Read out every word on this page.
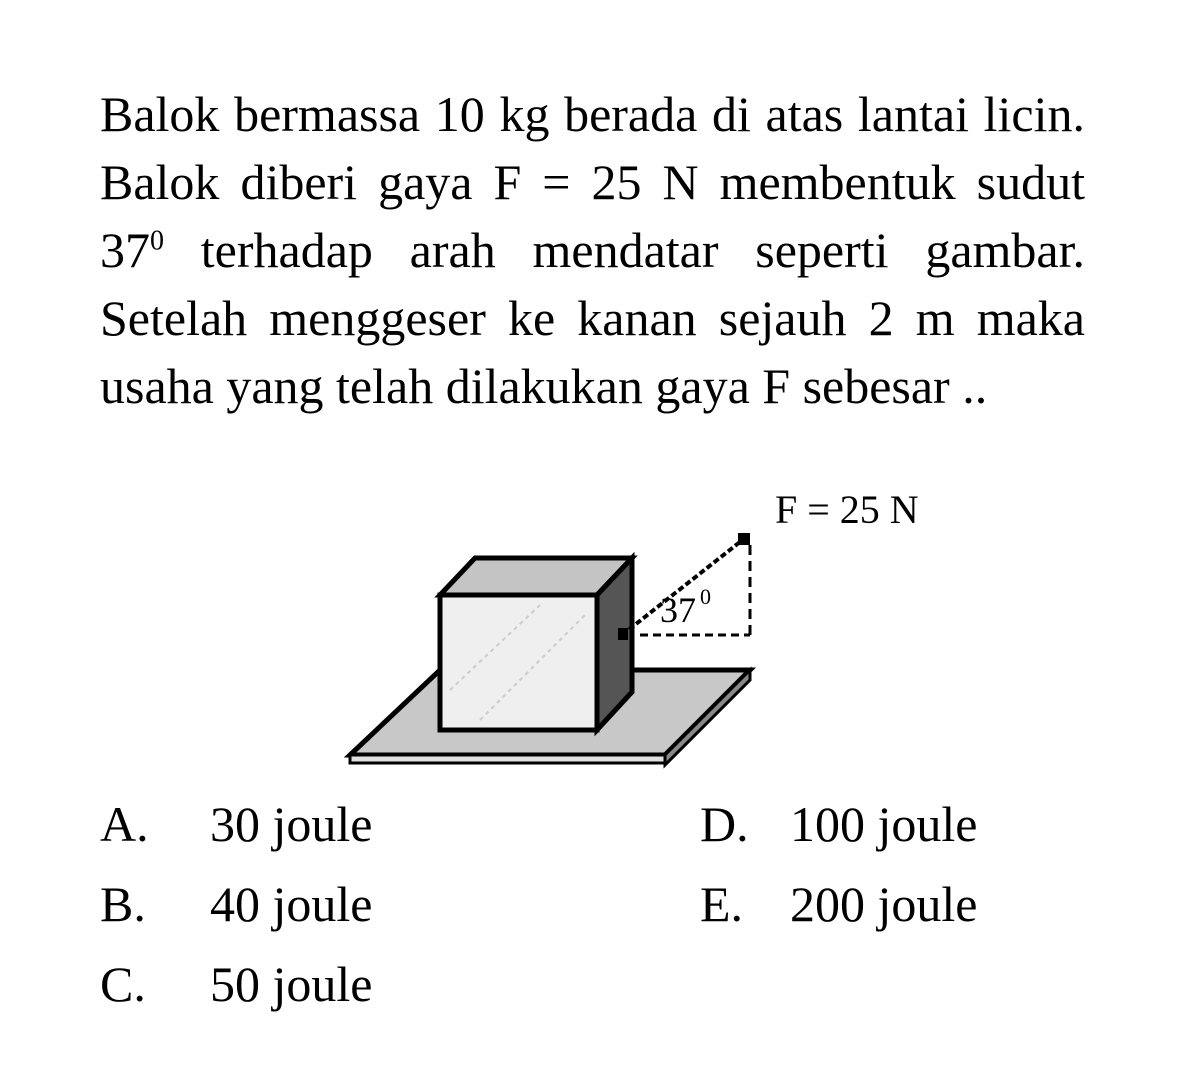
Balok bermassa 10 kg berada di atas lantai licin. Balok diberi gaya F = 25 N membentuk sudut $37^0$ terhadap arah mendatar seperti gambar. Setelah menggeser ke kanan sejauh 2 m maka usaha yang telah dilakukan gaya F sebesar ..
F = 25 N
37 0
A. 30 joule
B. 40 joule
C. 50 joule
D. 100 joule
E. 200 joule
